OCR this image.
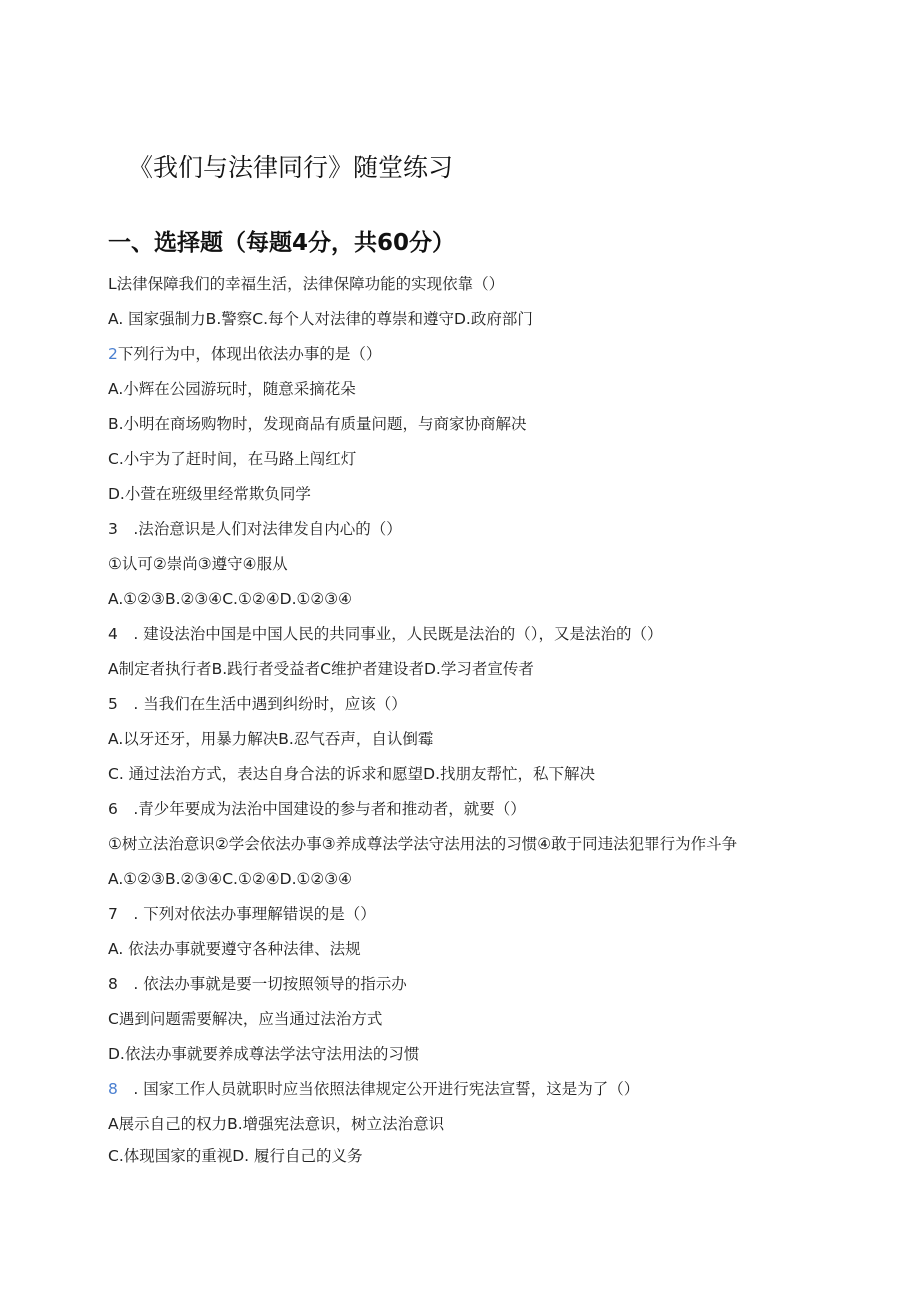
《我们与法律同行》随堂练习
一、选择题（每题4分，共60分）
L法律保障我们的幸福生活，法律保障功能的实现依靠（）
A. 国家强制力B.警察C.每个人对法律的尊崇和遵守D.政府部门
2下列行为中，体现出依法办事的是（）
A.小辉在公园游玩时，随意采摘花朵
B.小明在商场购物时，发现商品有质量问题，与商家协商解决
C.小宇为了赶时间，在马路上闯红灯
D.小萱在班级里经常欺负同学
3　.法治意识是人们对法律发自内心的（）
①认可②崇尚③遵守④服从
A.①②③B.②③④C.①②④D.①②③④
4　. 建设法治中国是中国人民的共同事业，人民既是法治的（），又是法治的（）
A制定者执行者B.践行者受益者C维护者建设者D.学习者宣传者
5　. 当我们在生活中遇到纠纷时，应该（）
A.以牙还牙，用暴力解决B.忍气吞声，自认倒霉
C. 通过法治方式，表达自身合法的诉求和愿望D.找朋友帮忙，私下解决
6　.青少年要成为法治中国建设的参与者和推动者，就要（）
①树立法治意识②学会依法办事③养成尊法学法守法用法的习惯④敢于同违法犯罪行为作斗争
A.①②③B.②③④C.①②④D.①②③④
7　. 下列对依法办事理解错误的是（）
A. 依法办事就要遵守各种法律、法规
8　. 依法办事就是要一切按照领导的指示办
C遇到问题需要解决，应当通过法治方式
D.依法办事就要养成尊法学法守法用法的习惯
8　. 国家工作人员就职时应当依照法律规定公开进行宪法宣誓，这是为了（）
A展示自己的权力B.增强宪法意识，树立法治意识
C.体现国家的重视D. 履行自己的义务
